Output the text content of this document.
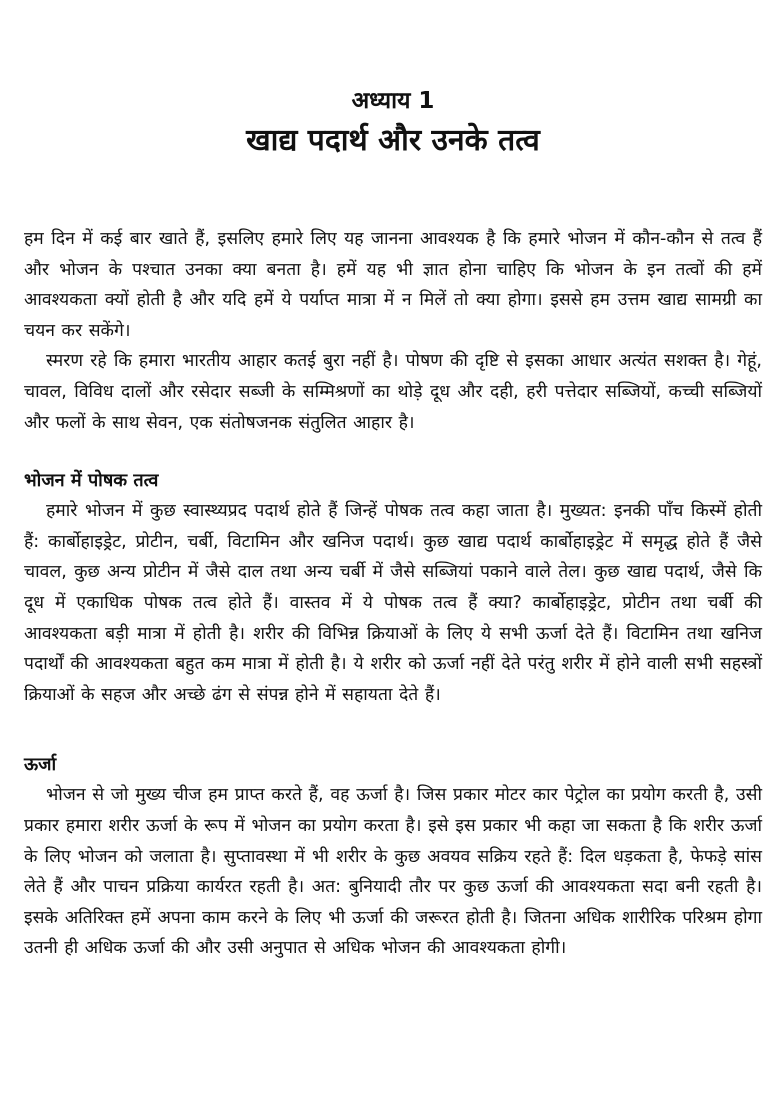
अध्याय 1
खाद्य पदार्थ और उनके तत्व

हम दिन में कई बार खाते हैं, इसलिए हमारे लिए यह जानना आवश्यक है कि हमारे भोजन में कौन-कौन से तत्व हैं और भोजन के पश्चात उनका क्या बनता है। हमें यह भी ज्ञात होना चाहिए कि भोजन के इन तत्वों की हमें आवश्यकता क्यों होती है और यदि हमें ये पर्याप्त मात्रा में न मिलें तो क्या होगा। इससे हम उत्तम खाद्य सामग्री का चयन कर सकेंगे।

स्मरण रहे कि हमारा भारतीय आहार कतई बुरा नहीं है। पोषण की दृष्टि से इसका आधार अत्यंत सशक्त है। गेहूं, चावल, विविध दालों और रसेदार सब्जी के सम्मिश्रणों का थोड़े दूध और दही, हरी पत्तेदार सब्जियों, कच्ची सब्जियों और फलों के साथ सेवन, एक संतोषजनक संतुलित आहार है।

भोजन में पोषक तत्व

हमारे भोजन में कुछ स्वास्थ्यप्रद पदार्थ होते हैं जिन्हें पोषक तत्व कहा जाता है। मुख्यत: इनकी पाँच किस्में होती हैं: कार्बोहाइड्रेट, प्रोटीन, चर्बी, विटामिन और खनिज पदार्थ। कुछ खाद्य पदार्थ कार्बोहाइड्रेट में समृद्ध होते हैं जैसे चावल, कुछ अन्य प्रोटीन में जैसे दाल तथा अन्य चर्बी में जैसे सब्जियां पकाने वाले तेल। कुछ खाद्य पदार्थ, जैसे कि दूध में एकाधिक पोषक तत्व होते हैं। वास्तव में ये पोषक तत्व हैं क्या? कार्बोहाइड्रेट, प्रोटीन तथा चर्बी की आवश्यकता बड़ी मात्रा में होती है। शरीर की विभिन्न क्रियाओं के लिए ये सभी ऊर्जा देते हैं। विटामिन तथा खनिज पदार्थों की आवश्यकता बहुत कम मात्रा में होती है। ये शरीर को ऊर्जा नहीं देते परंतु शरीर में होने वाली सभी सहस्त्रों क्रियाओं के सहज और अच्छे ढंग से संपन्न होने में सहायता देते हैं।

ऊर्जा

भोजन से जो मुख्य चीज हम प्राप्त करते हैं, वह ऊर्जा है। जिस प्रकार मोटर कार पेट्रोल का प्रयोग करती है, उसी प्रकार हमारा शरीर ऊर्जा के रूप में भोजन का प्रयोग करता है। इसे इस प्रकार भी कहा जा सकता है कि शरीर ऊर्जा के लिए भोजन को जलाता है। सुप्तावस्था में भी शरीर के कुछ अवयव सक्रिय रहते हैं: दिल धड़कता है, फेफड़े सांस लेते हैं और पाचन प्रक्रिया कार्यरत रहती है। अत: बुनियादी तौर पर कुछ ऊर्जा की आवश्यकता सदा बनी रहती है। इसके अतिरिक्त हमें अपना काम करने के लिए भी ऊर्जा की जरूरत होती है। जितना अधिक शारीरिक परिश्रम होगा उतनी ही अधिक ऊर्जा की और उसी अनुपात से अधिक भोजन की आवश्यकता होगी।
